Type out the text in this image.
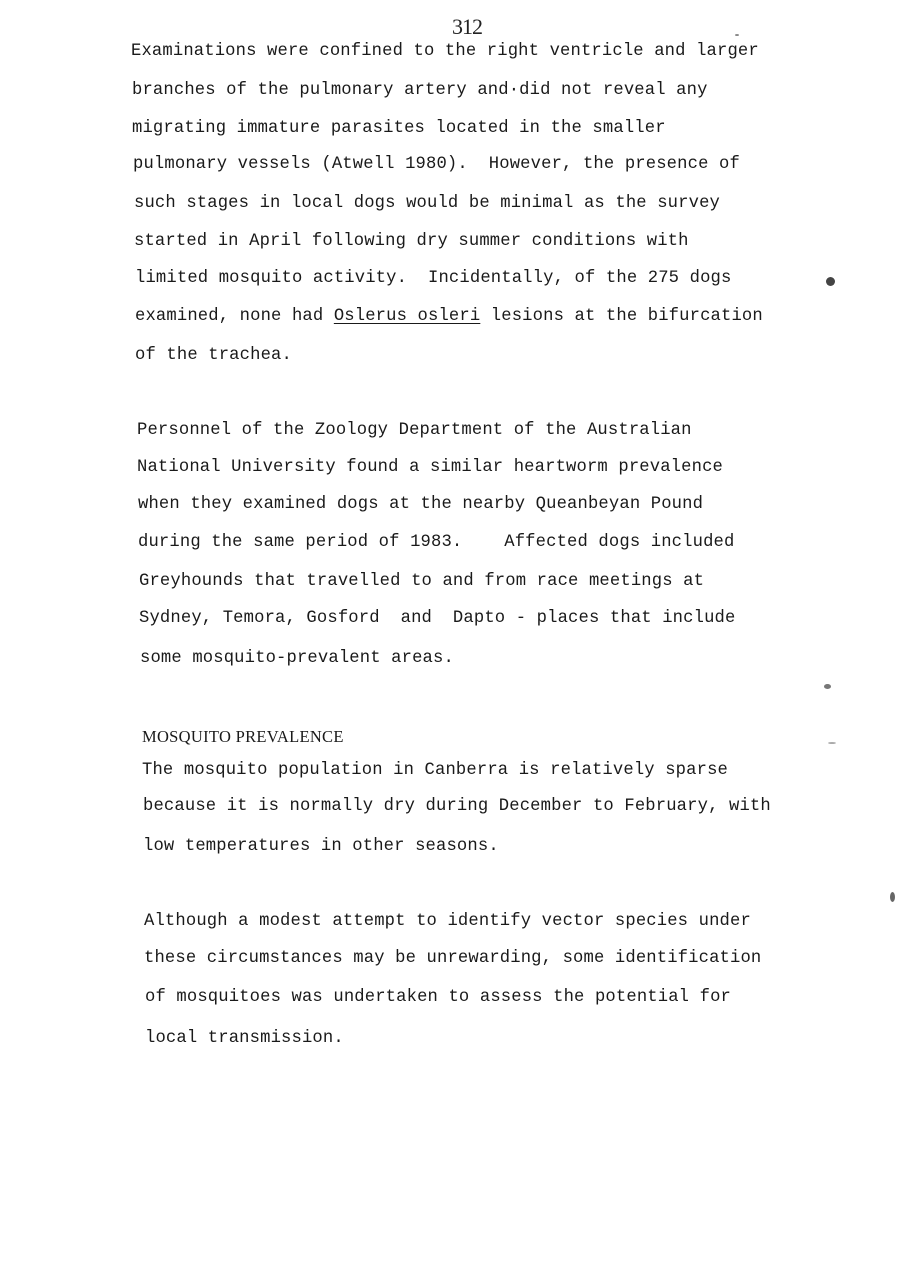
312
Examinations were confined to the right ventricle and larger
branches of the pulmonary artery and·did not reveal any
migrating immature parasites located in the smaller
pulmonary vessels (Atwell 1980).  However, the presence of
such stages in local dogs would be minimal as the survey
started in April following dry summer conditions with
limited mosquito activity.  Incidentally, of the 275 dogs
examined, none had Oslerus osleri lesions at the bifurcation
of the trachea.
Personnel of the Zoology Department of the Australian
National University found a similar heartworm prevalence
when they examined dogs at the nearby Queanbeyan Pound
during the same period of 1983.    Affected dogs included
Greyhounds that travelled to and from race meetings at
Sydney, Temora, Gosford  and  Dapto - places that include
some mosquito-prevalent areas.
MOSQUITO PREVALENCE
The mosquito population in Canberra is relatively sparse
because it is normally dry during December to February, with
low temperatures in other seasons.
Although a modest attempt to identify vector species under
these circumstances may be unrewarding, some identification
of mosquitoes was undertaken to assess the potential for
local transmission.
